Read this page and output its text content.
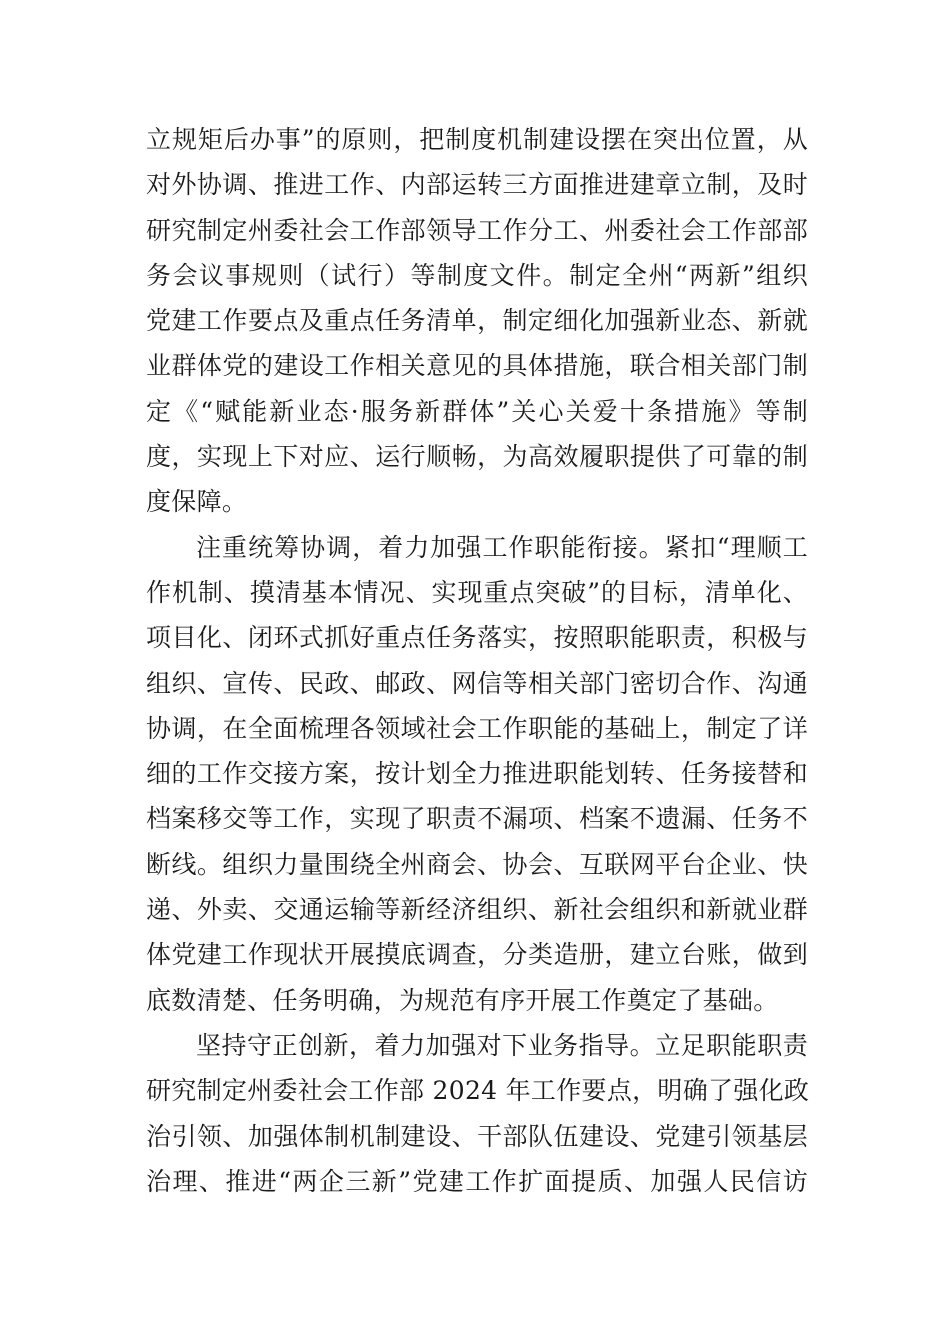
立规矩后办事”的原则，把制度机制建设摆在突出位置，从
对外协调、推进工作、内部运转三方面推进建章立制，及时
研究制定州委社会工作部领导工作分工、州委社会工作部部
务会议事规则（试行）等制度文件。制定全州“两新”组织
党建工作要点及重点任务清单，制定细化加强新业态、新就
业群体党的建设工作相关意见的具体措施，联合相关部门制
定《“赋能新业态·服务新群体”关心关爱十条措施》等制
度，实现上下对应、运行顺畅，为高效履职提供了可靠的制
度保障。
注重统筹协调，着力加强工作职能衔接。紧扣“理顺工
作机制、摸清基本情况、实现重点突破”的目标，清单化、
项目化、闭环式抓好重点任务落实，按照职能职责，积极与
组织、宣传、民政、邮政、网信等相关部门密切合作、沟通
协调，在全面梳理各领域社会工作职能的基础上，制定了详
细的工作交接方案，按计划全力推进职能划转、任务接替和
档案移交等工作，实现了职责不漏项、档案不遗漏、任务不
断线。组织力量围绕全州商会、协会、互联网平台企业、快
递、外卖、交通运输等新经济组织、新社会组织和新就业群
体党建工作现状开展摸底调查，分类造册，建立台账，做到
底数清楚、任务明确，为规范有序开展工作奠定了基础。
坚持守正创新，着力加强对下业务指导。立足职能职责
研究制定州委社会工作部 2024 年工作要点，明确了强化政
治引领、加强体制机制建设、干部队伍建设、党建引领基层
治理、推进“两企三新”党建工作扩面提质、加强人民信访
